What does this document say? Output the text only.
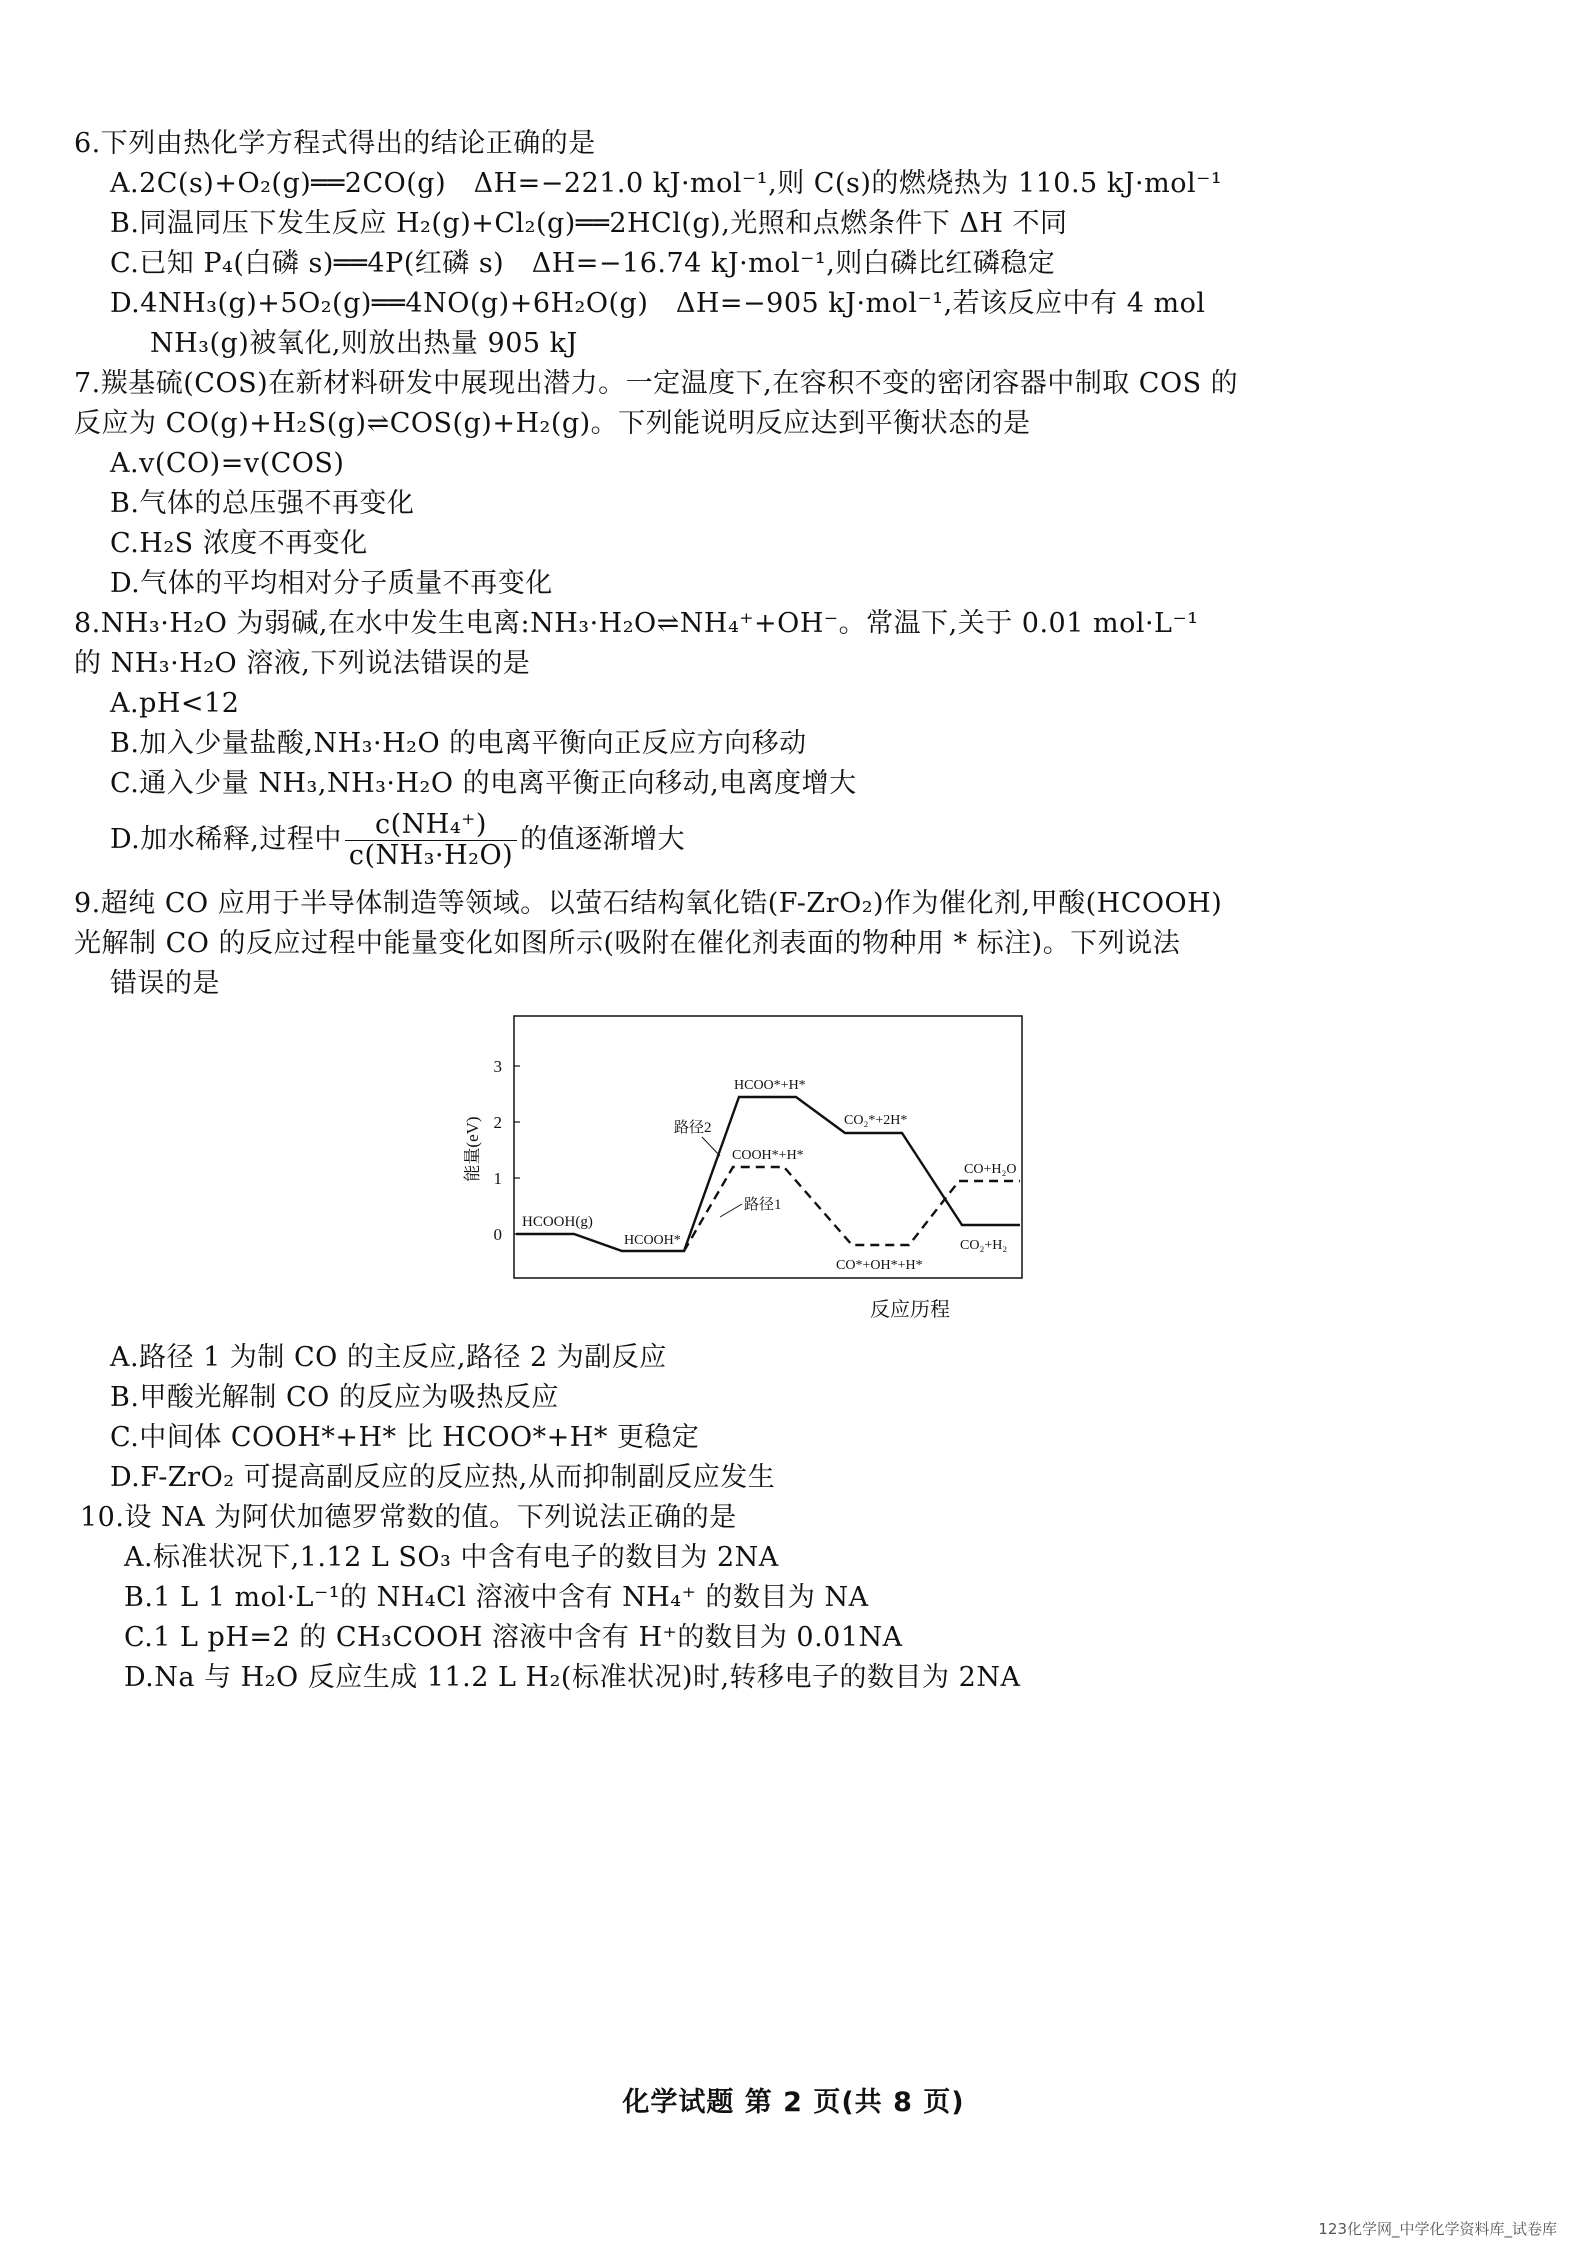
6.下列由热化学方程式得出的结论正确的是
A.2C(s)+O₂(g)══2CO(g)　ΔH=−221.0 kJ·mol⁻¹,则 C(s)的燃烧热为 110.5 kJ·mol⁻¹
B.同温同压下发生反应 H₂(g)+Cl₂(g)══2HCl(g),光照和点燃条件下 ΔH 不同
C.已知 P₄(白磷 s)══4P(红磷 s)　ΔH=−16.74 kJ·mol⁻¹,则白磷比红磷稳定
D.4NH₃(g)+5O₂(g)══4NO(g)+6H₂O(g)　ΔH=−905 kJ·mol⁻¹,若该反应中有 4 mol
NH₃(g)被氧化,则放出热量 905 kJ
7.羰基硫(COS)在新材料研发中展现出潜力。一定温度下,在容积不变的密闭容器中制取 COS 的
反应为 CO(g)+H₂S(g)⇌COS(g)+H₂(g)。下列能说明反应达到平衡状态的是
A.v(CO)=v(COS)
B.气体的总压强不再变化
C.H₂S 浓度不再变化
D.气体的平均相对分子质量不再变化
8.NH₃·H₂O 为弱碱,在水中发生电离:NH₃·H₂O⇌NH₄⁺+OH⁻。常温下,关于 0.01 mol·L⁻¹
的 NH₃·H₂O 溶液,下列说法错误的是
A.pH<12
B.加入少量盐酸,NH₃·H₂O 的电离平衡向正反应方向移动
C.通入少量 NH₃,NH₃·H₂O 的电离平衡正向移动,电离度增大
D.加水稀释,过程中 $\frac{\text{c(NH₄⁺)}}{\text{c(NH₃·H₂O)}}$ 的值逐渐增大
9.超纯 CO 应用于半导体制造等领域。以萤石结构氧化锆(F-ZrO₂)作为催化剂,甲酸(HCOOH)
光解制 CO 的反应过程中能量变化如图所示(吸附在催化剂表面的物种用 * 标注)。下列说法
错误的是
0
1
2
3
能量(eV)
HCOOH(g)
HCOOH*
HCOO*+H*
COOH*+H*
CO₂*+2H*
CO*+OH*+H*
CO+H₂O
CO₂+H₂
路径2
路径1
反应历程
A.路径 1 为制 CO 的主反应,路径 2 为副反应
B.甲酸光解制 CO 的反应为吸热反应
C.中间体 COOH*+H* 比 HCOO*+H* 更稳定
D.F-ZrO₂ 可提高副反应的反应热,从而抑制副反应发生
10.设 NA 为阿伏加德罗常数的值。下列说法正确的是
A.标准状况下,1.12 L SO₃ 中含有电子的数目为 2NA
B.1 L 1 mol·L⁻¹的 NH₄Cl 溶液中含有 NH₄⁺ 的数目为 NA
C.1 L pH=2 的 CH₃COOH 溶液中含有 H⁺的数目为 0.01NA
D.Na 与 H₂O 反应生成 11.2 L H₂(标准状况)时,转移电子的数目为 2NA
化学试题 第 2 页(共 8 页)
123化学网_中学化学资料库_试卷库
